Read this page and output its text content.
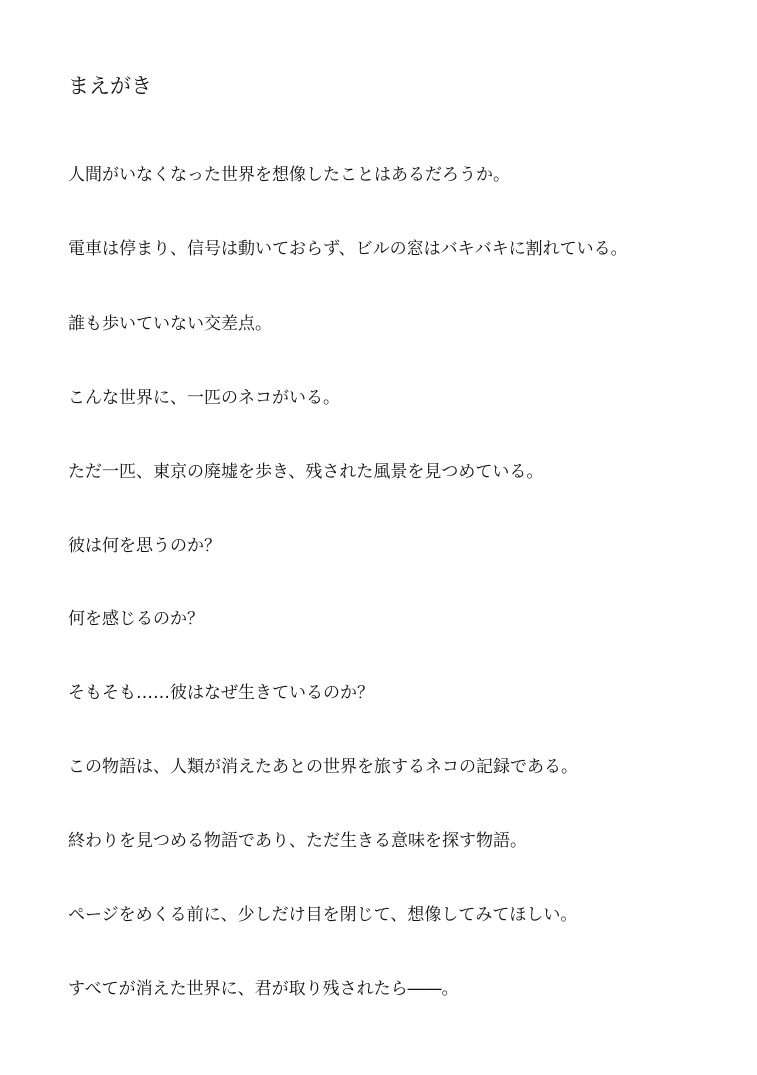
まえがき

人間がいなくなった世界を想像したことはあるだろうか。

電車は停まり、信号は動いておらず、ビルの窓はバキバキに割れている。

誰も歩いていない交差点。

こんな世界に、一匹のネコがいる。

ただ一匹、東京の廃墟を歩き、残された風景を見つめている。

彼は何を思うのか？

何を感じるのか？

そもそも……彼はなぜ生きているのか？

この物語は、人類が消えたあとの世界を旅するネコの記録である。

終わりを見つめる物語であり、ただ生きる意味を探す物語。

ページをめくる前に、少しだけ目を閉じて、想像してみてほしい。

すべてが消えた世界に、君が取り残されたら――。
